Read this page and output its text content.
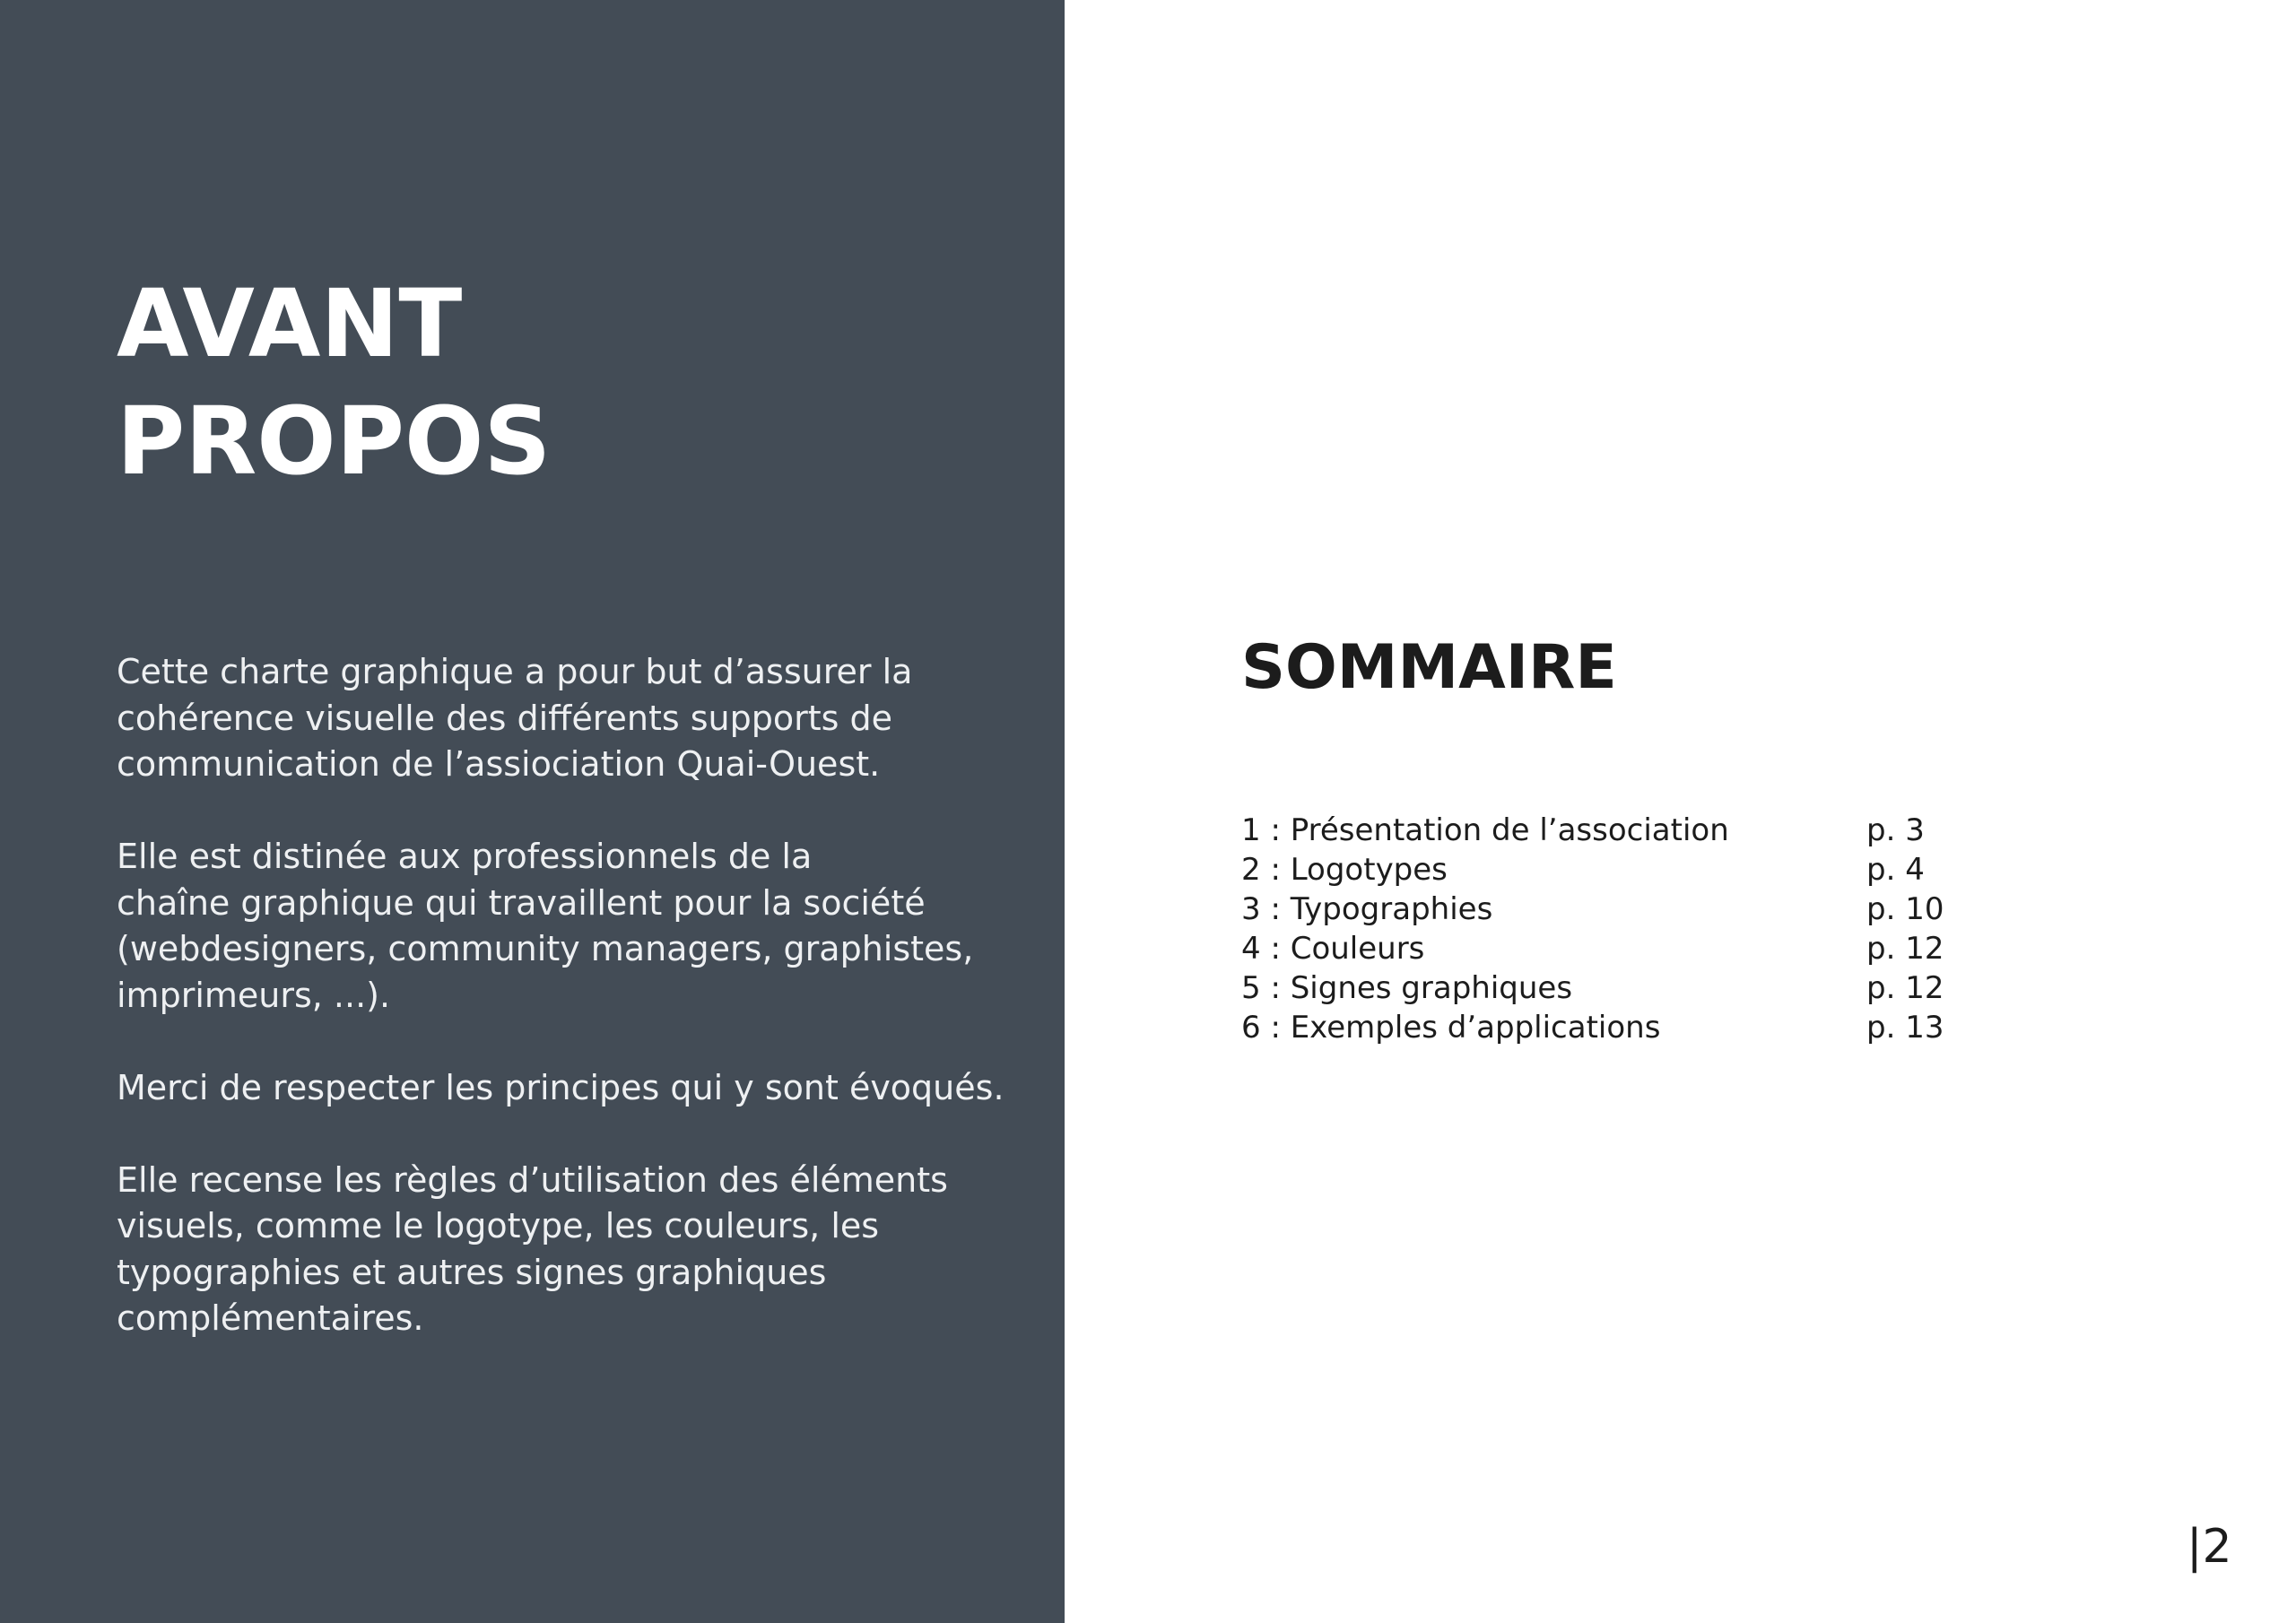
AVANT
PROPOS

Cette charte graphique a pour but d’assurer la
cohérence visuelle des différents supports de
communication de l’assiociation Quai-Ouest.

Elle est distinée aux professionnels de la
chaîne graphique qui travaillent pour la société
(webdesigners, community managers, graphistes,
imprimeurs, ...).

Merci de respecter les principes qui y sont évoqués.

Elle recense les règles d’utilisation des éléments
visuels, comme le logotype, les couleurs, les
typographies et autres signes graphiques
complémentaires.

SOMMAIRE
1 : Présentation de l’association	p. 3
2 : Logotypes	p. 4
3 : Typographies	p. 10
4 : Couleurs	p. 12
5 : Signes graphiques	p. 12
6 : Exemples d’applications	p. 13
|2
